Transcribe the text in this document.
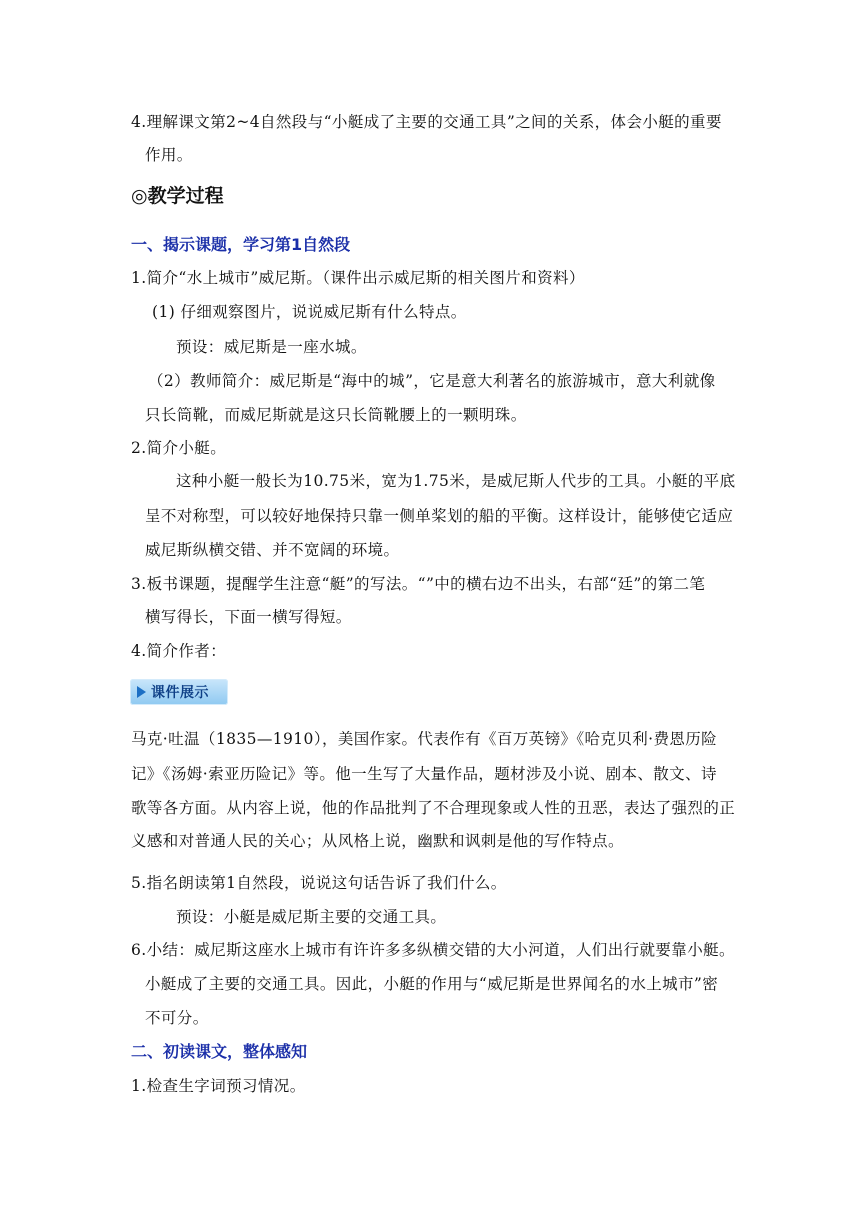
4.理解课文第2~4自然段与“小艇成了主要的交通工具”之间的关系，体会小艇的重要
作用。
◎教学过程
一、揭示课题，学习第1自然段
1.简介“水上城市”威尼斯。（课件出示威尼斯的相关图片和资料）
(1) 仔细观察图片，说说威尼斯有什么特点。
预设：威尼斯是一座水城。
（2）教师简介：威尼斯是“海中的城”，它是意大利著名的旅游城市，意大利就像
只长筒靴，而威尼斯就是这只长筒靴腰上的一颗明珠。
2.简介小艇。
这种小艇一般长为10.75米，宽为1.75米，是威尼斯人代步的工具。小艇的平底
呈不对称型，可以较好地保持只靠一侧单桨划的船的平衡。这样设计，能够使它适应
威尼斯纵横交错、并不宽阔的环境。
3.板书课题，提醒学生注意“艇”的写法。“”中的横右边不出头，右部“廷”的第二笔
横写得长，下面一横写得短。
4.简介作者：
课件展示
马克·吐温（1835—1910），美国作家。代表作有《百万英镑》《哈克贝利·费恩历险
记》《汤姆·索亚历险记》等。他一生写了大量作品，题材涉及小说、剧本、散文、诗
歌等各方面。从内容上说，他的作品批判了不合理现象或人性的丑恶，表达了强烈的正
义感和对普通人民的关心；从风格上说，幽默和讽刺是他的写作特点。
5.指名朗读第1自然段，说说这句话告诉了我们什么。
预设：小艇是威尼斯主要的交通工具。
6.小结：威尼斯这座水上城市有许许多多纵横交错的大小河道，人们出行就要靠小艇。
小艇成了主要的交通工具。因此，小艇的作用与“威尼斯是世界闻名的水上城市”密
不可分。
二、初读课文，整体感知
1.检查生字词预习情况。
